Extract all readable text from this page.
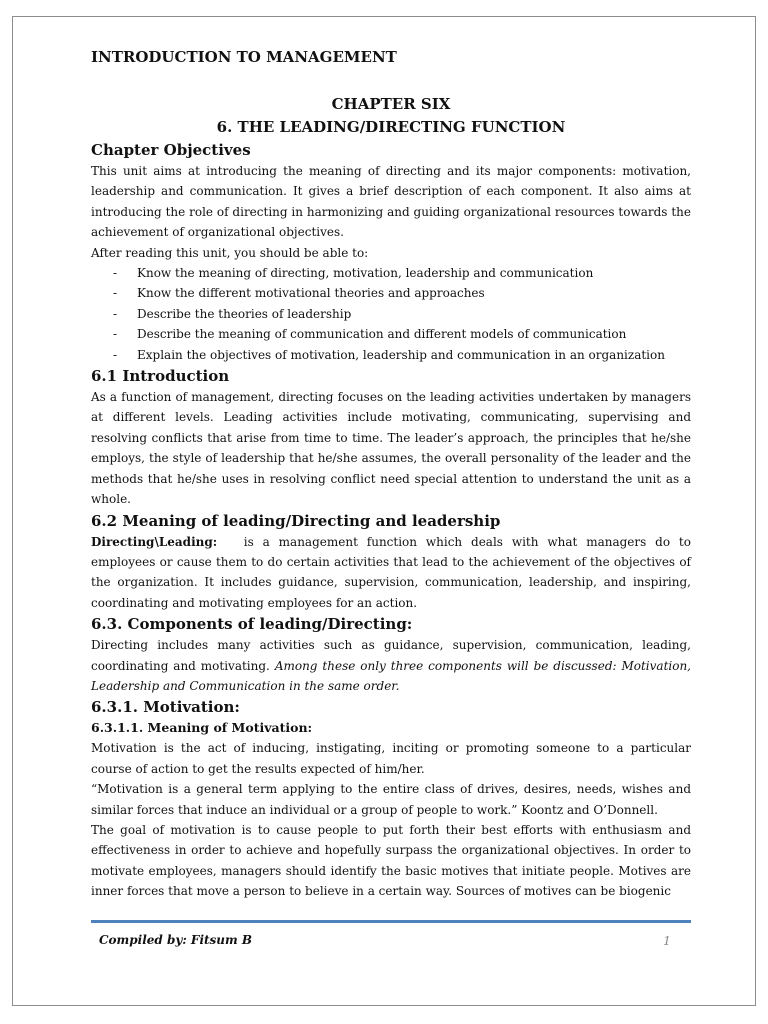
INTRODUCTION TO MANAGEMENT
CHAPTER SIX
6. THE LEADING/DIRECTING FUNCTION
Chapter Objectives

This unit aims at introducing the meaning of directing and its major components: motivation, leadership and communication. It gives a brief description of each component. It also aims at introducing the role of directing in harmonizing and guiding organizational resources towards the achievement of organizational objectives.

After reading this unit, you should be able to:

- Know the meaning of directing, motivation, leadership and communication
- Know the different motivational theories and approaches
- Describe the theories of leadership
- Describe the meaning of communication and different models of communication
- Explain the objectives of motivation, leadership and communication in an organization
6.1 Introduction

As a function of management, directing focuses on the leading activities undertaken by managers at different levels. Leading activities include motivating, communicating, supervising and resolving conflicts that arise from time to time. The leader’s approach, the principles that he/she employs, the style of leadership that he/she assumes, the overall personality of the leader and the methods that he/she uses in resolving conflict need special attention to understand the unit as a whole.

6.2 Meaning of leading/Directing and leadership

Directing\Leading: is a management function which deals with what managers do to employees or cause them to do certain activities that lead to the achievement of the objectives of the organization. It includes guidance, supervision, communication, leadership, and inspiring, coordinating and motivating employees for an action.

6.3. Components of leading/Directing:

Directing includes many activities such as guidance, supervision, communication, leading, coordinating and motivating. Among these only three components will be discussed: Motivation, Leadership and Communication in the same order.

6.3.1. Motivation:
6.3.1.1. Meaning of Motivation:

Motivation is the act of inducing, instigating, inciting or promoting someone to a particular course of action to get the results expected of him/her.

“Motivation is a general term applying to the entire class of drives, desires, needs, wishes and similar forces that induce an individual or a group of people to work.” Koontz and O’Donnell.

The goal of motivation is to cause people to put forth their best efforts with enthusiasm and effectiveness in order to achieve and hopefully surpass the organizational objectives. In order to motivate employees, managers should identify the basic motives that initiate people. Motives are inner forces that move a person to believe in a certain way. Sources of motives can be biogenic

Compiled by: Fitsum B	1
